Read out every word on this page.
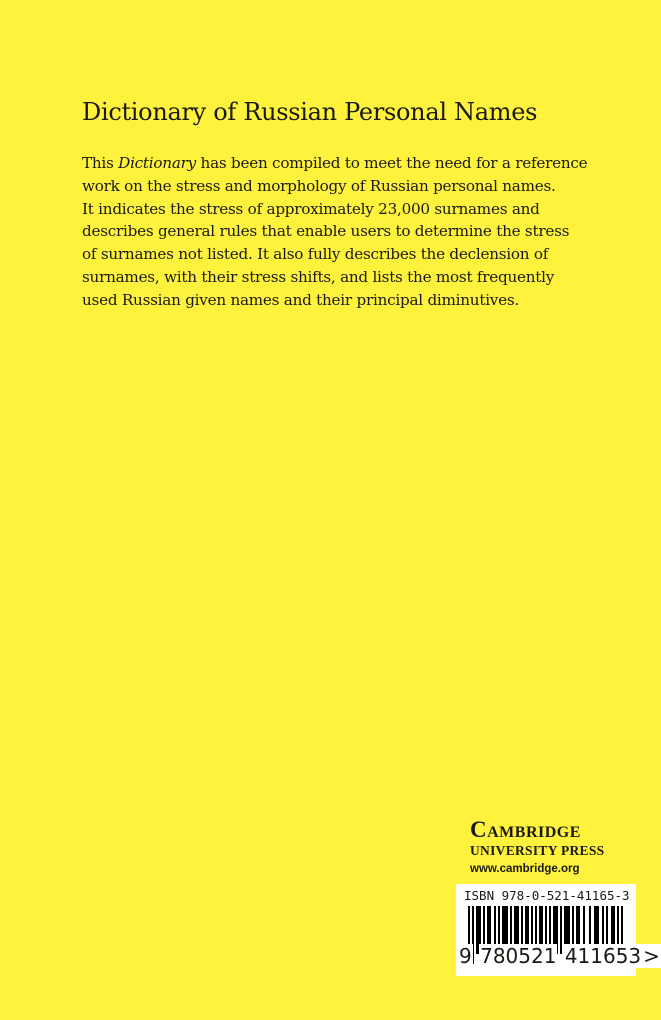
Dictionary of Russian Personal Names
This Dictionary has been compiled to meet the need for a reference
work on the stress and morphology of Russian personal names.
It indicates the stress of approximately 23,000 surnames and
describes general rules that enable users to determine the stress
of surnames not listed. It also fully describes the declension of
surnames, with their stress shifts, and lists the most frequently
used Russian given names and their principal diminutives.
Cambridge
UNIVERSITY PRESS
www.cambridge.org
ISBN 978-0-521-41165-3
9 780521 411653 >
